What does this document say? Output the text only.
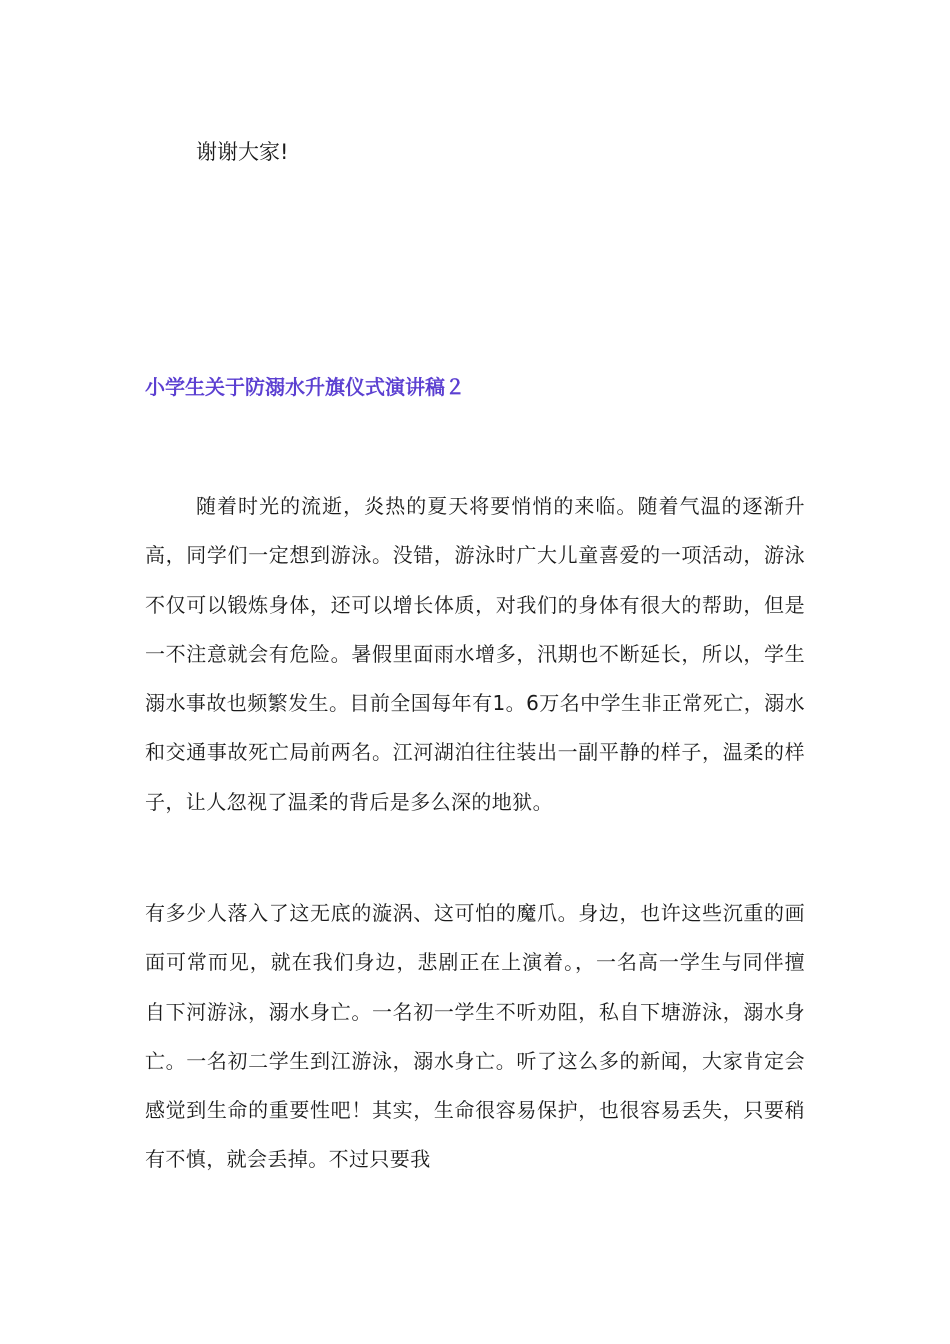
谢谢大家!

小学生关于防溺水升旗仪式演讲稿２

随着时光的流逝，炎热的夏天将要悄悄的来临。随着气温的逐渐升高，同学们一定想到游泳。没错，游泳时广大儿童喜爱的一项活动，游泳不仅可以锻炼身体，还可以增长体质，对我们的身体有很大的帮助，但是一不注意就会有危险。暑假里面雨水增多，汛期也不断延长，所以，学生溺水事故也频繁发生。目前全国每年有1。6万名中学生非正常死亡，溺水和交通事故死亡局前两名。江河湖泊往往装出一副平静的样子，温柔的样子，让人忽视了温柔的背后是多么深的地狱。

有多少人落入了这无底的漩涡、这可怕的魔爪。身边，也许这些沉重的画面可常而见，就在我们身边，悲剧正在上演着。，一名高一学生与同伴擅自下河游泳，溺水身亡。一名初一学生不听劝阻，私自下塘游泳，溺水身亡。一名初二学生到江游泳，溺水身亡。听了这么多的新闻，大家肯定会感觉到生命的重要性吧！其实，生命很容易保护，也很容易丢失，只要稍有不慎，就会丢掉。不过只要我
